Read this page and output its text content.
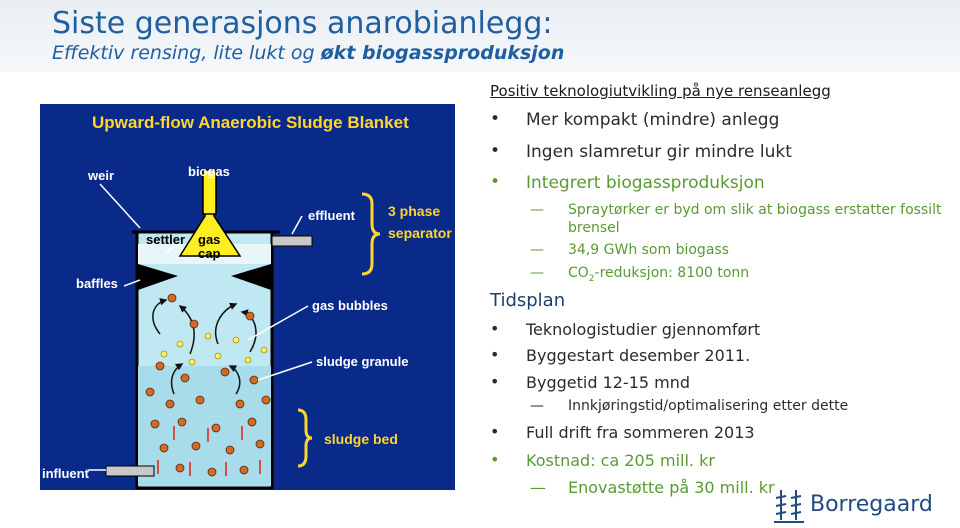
Siste generasjons anarobianlegg:
Effektiv rensing, lite lukt og økt biogassproduksjon
Upward-flow Anaerobic Sludge Blanket
weir	biogas
effluent
settler gas
cap
baffles
gas bubbles
sludge granule
influent
3 phase
separator
sludge bed
Positiv teknologiutvikling på nye renseanlegg
• Mer kompakt (mindre) anlegg
• Ingen slamretur gir mindre lukt
• Integrert biogassproduksjon
— Spraytørker er byd om slik at biogass erstatter fossilt
brensel
— 34,9 GWh som biogass
— $CO_2$-reduksjon: 8100 tonn
Tidsplan
• Teknologistudier gjennomført
• Byggestart desember 2011.
• Byggetid 12-15 mnd
— Innkjøringstid/optimalisering etter dette
• Full drift fra sommeren 2013
• Kostnad: ca 205 mill. kr
— Enovastøtte på 30 mill. kr
Borregaard
